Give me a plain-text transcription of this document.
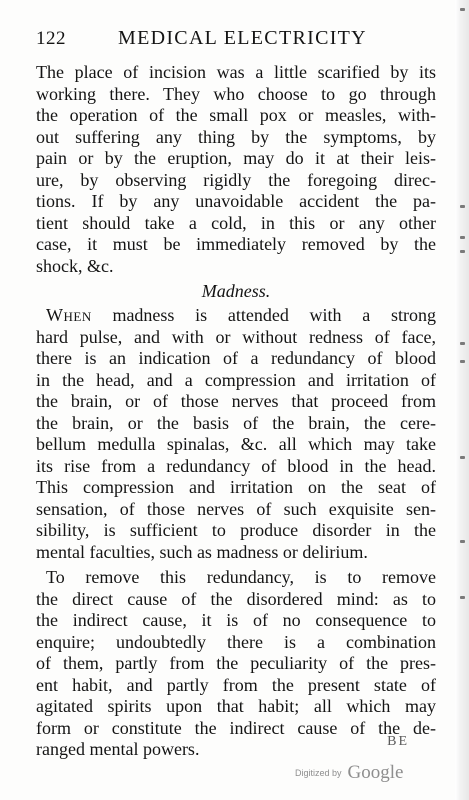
122	MEDICAL ELECTRICITY
The place of incision was a little scarified by its
working there. They who choose to go through
the operation of the small pox or measles, with-
out suffering any thing by the symptoms, by
pain or by the eruption, may do it at their leis-
ure, by observing rigidly the foregoing direc-
tions. If by any unavoidable accident the pa-
tient should take a cold, in this or any other
case, it must be immediately removed by the
shock, &c.
Madness.
When madness is attended with a strong
hard pulse, and with or without redness of face,
there is an indication of a redundancy of blood
in the head, and a compression and irritation of
the brain, or of those nerves that proceed from
the brain, or the basis of the brain, the cere-
bellum medulla spinalas, &c. all which may take
its rise from a redundancy of blood in the head.
This compression and irritation on the seat of
sensation, of those nerves of such exquisite sen-
sibility, is sufficient to produce disorder in the
mental faculties, such as madness or delirium.
To remove this redundancy, is to remove
the direct cause of the disordered mind: as to
the indirect cause, it is of no consequence to
enquire; undoubtedly there is a combination
of them, partly from the peculiarity of the pres-
ent habit, and partly from the present state of
agitated spirits upon that habit; all which may
form or constitute the indirect cause of the de-
ranged mental powers.	BE
Digitized by Google
